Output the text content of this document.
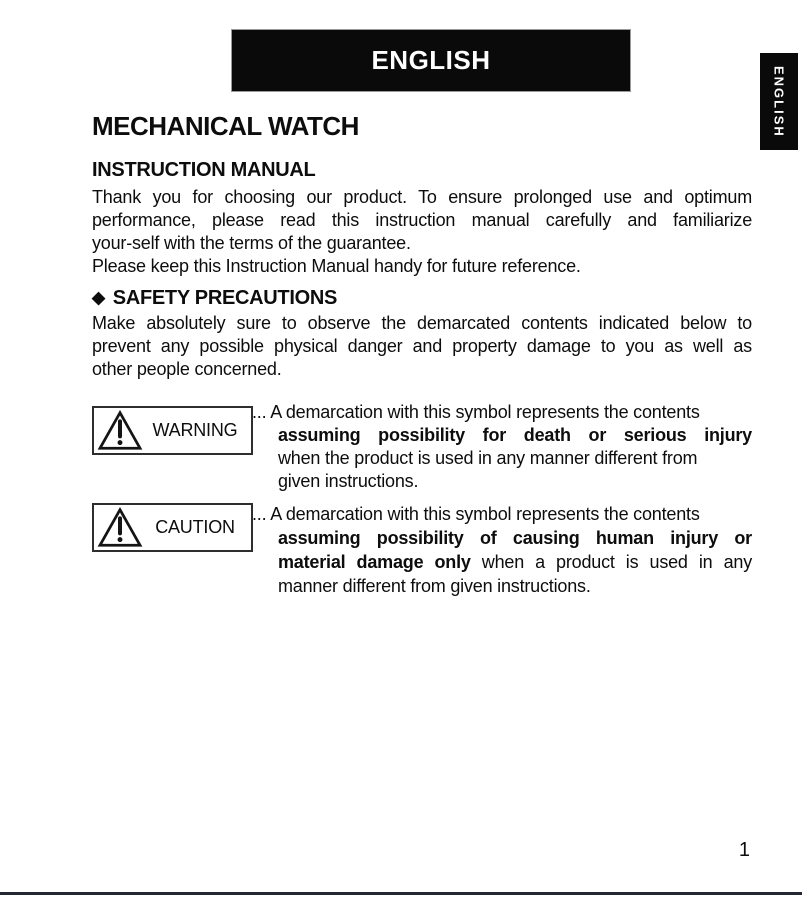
ENGLISH
ENGLISH
MECHANICAL WATCH
INSTRUCTION MANUAL
Thank you for choosing our product. To ensure prolonged use and optimum
performance, please read this instruction manual carefully and familiarize
your-self with the terms of the guarantee.
Please keep this Instruction Manual handy for future reference.
◆ SAFETY PRECAUTIONS
Make absolutely sure to observe the demarcated contents indicated below to
prevent any possible physical danger and property damage to you as well as
other people concerned.
WARNING
... A demarcation with this symbol represents the contents
assuming possibility for death or serious injury
when the product is used in any manner different from
given instructions.
CAUTION
... A demarcation with this symbol represents the contents
assuming possibility of causing human injury or
material damage only when a product is used in any
manner different from given instructions.
1
